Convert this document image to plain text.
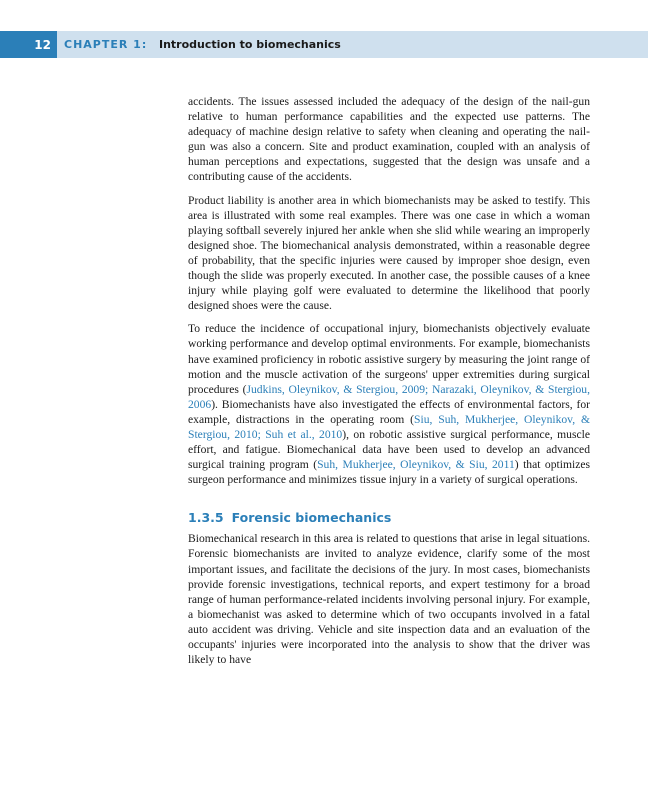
12 CHAPTER 1: Introduction to biomechanics

accidents. The issues assessed included the adequacy of the design of the nail-gun relative to human performance capabilities and the expected use patterns. The adequacy of machine design relative to safety when cleaning and operating the nail-gun was also a concern. Site and product examination, coupled with an analysis of human perceptions and expectations, suggested that the design was unsafe and a contributing cause of the accidents.

Product liability is another area in which biomechanists may be asked to testify. This area is illustrated with some real examples. There was one case in which a woman playing softball severely injured her ankle when she slid while wearing an improperly designed shoe. The biomechanical analysis demonstrated, within a reasonable degree of probability, that the specific injuries were caused by improper shoe design, even though the slide was properly executed. In another case, the possible causes of a knee injury while playing golf were evaluated to determine the likelihood that poorly designed shoes were the cause.

To reduce the incidence of occupational injury, biomechanists objectively evaluate working performance and develop optimal environments. For example, biomechanists have examined proficiency in robotic assistive surgery by measuring the joint range of motion and the muscle activation of the surgeons' upper extremities during surgical procedures (Judkins, Oleynikov, & Stergiou, 2009; Narazaki, Oleynikov, & Stergiou, 2006). Biomechanists have also investigated the effects of environmental factors, for example, distractions in the operating room (Siu, Suh, Mukherjee, Oleynikov, & Stergiou, 2010; Suh et al., 2010), on robotic assistive surgical performance, muscle effort, and fatigue. Biomechanical data have been used to develop an advanced surgical training program (Suh, Mukherjee, Oleynikov, & Siu, 2011) that optimizes surgeon performance and minimizes tissue injury in a variety of surgical operations.

1.3.5 Forensic biomechanics

Biomechanical research in this area is related to questions that arise in legal situations. Forensic biomechanists are invited to analyze evidence, clarify some of the most important issues, and facilitate the decisions of the jury. In most cases, biomechanists provide forensic investigations, technical reports, and expert testimony for a broad range of human performance-related incidents involving personal injury. For example, a biomechanist was asked to determine which of two occupants involved in a fatal auto accident was driving. Vehicle and site inspection data and an evaluation of the occupants' injuries were incorporated into the analysis to show that the driver was likely to have
